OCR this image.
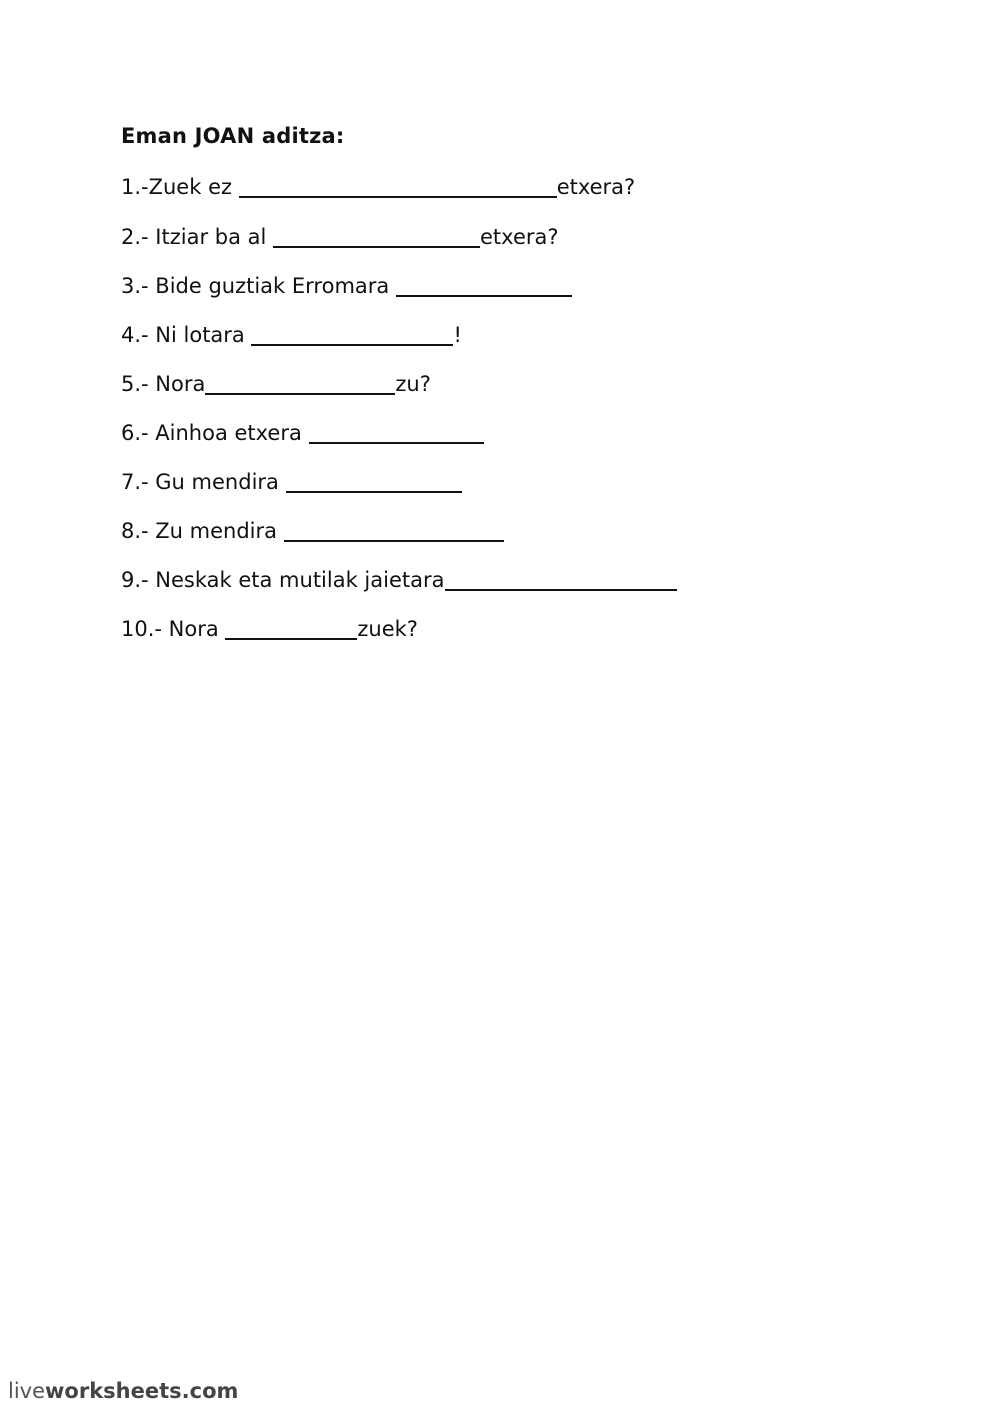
Eman JOAN aditza:
1.-Zuek ez	etxera?
2.- Itziar ba al	etxera?
3.- Bide guztiak Erromara
4.- Ni lotara	!
5.- Nora	zu?
6.- Ainhoa etxera
7.- Gu mendira
8.- Zu mendira
9.- Neskak eta mutilak jaietara
10.- Nora	zuek?
liveworksheets.com
